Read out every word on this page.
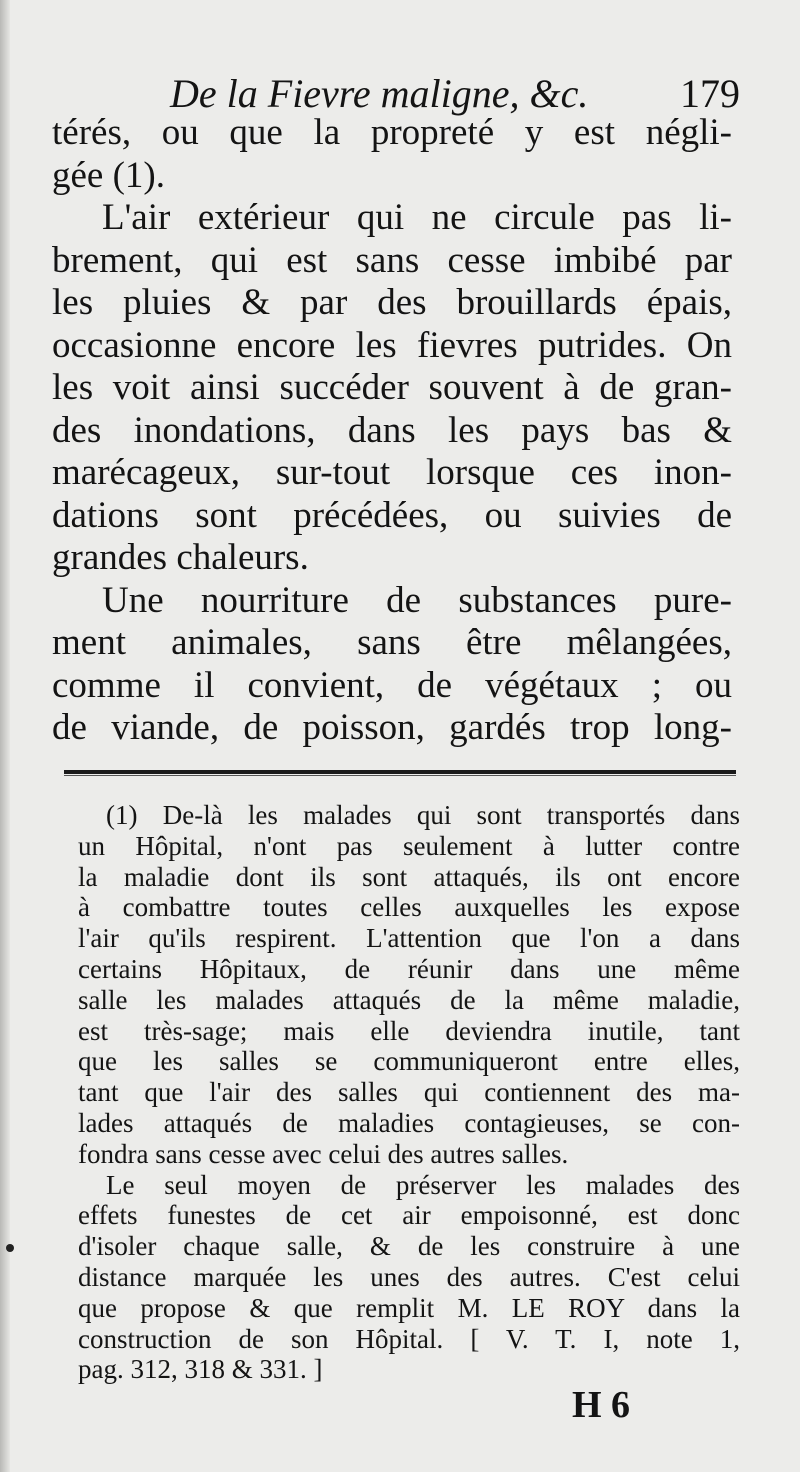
De la Fievre maligne, &c. 179
térés, ou que la propreté y est négli-
gée (1).
L'air extérieur qui ne circule pas li-
brement, qui est sans cesse imbibé par
les pluies & par des brouillards épais,
occasionne encore les fievres putrides. On
les voit ainsi succéder souvent à de gran-
des inondations, dans les pays bas &
marécageux, sur-tout lorsque ces inon-
dations sont précédées, ou suivies de
grandes chaleurs.
Une nourriture de substances pure-
ment animales, sans être mêlangées,
comme il convient, de végétaux ; ou
de viande, de poisson, gardés trop long-
(1) De-là les malades qui sont transportés dans
un Hôpital, n'ont pas seulement à lutter contre
la maladie dont ils sont attaqués, ils ont encore
à combattre toutes celles auxquelles les expose
l'air qu'ils respirent. L'attention que l'on a dans
certains Hôpitaux, de réunir dans une même
salle les malades attaqués de la même maladie,
est très-sage; mais elle deviendra inutile, tant
que les salles se communiqueront entre elles,
tant que l'air des salles qui contiennent des ma-
lades attaqués de maladies contagieuses, se con-
fondra sans cesse avec celui des autres salles.
Le seul moyen de préserver les malades des
effets funestes de cet air empoisonné, est donc
d'isoler chaque salle, & de les construire à une
distance marquée les unes des autres. C'est celui
que propose & que remplit M. LE ROY dans la
construction de son Hôpital. [ V. T. I, note 1,
pag. 312, 318 & 331. ]
H 6
